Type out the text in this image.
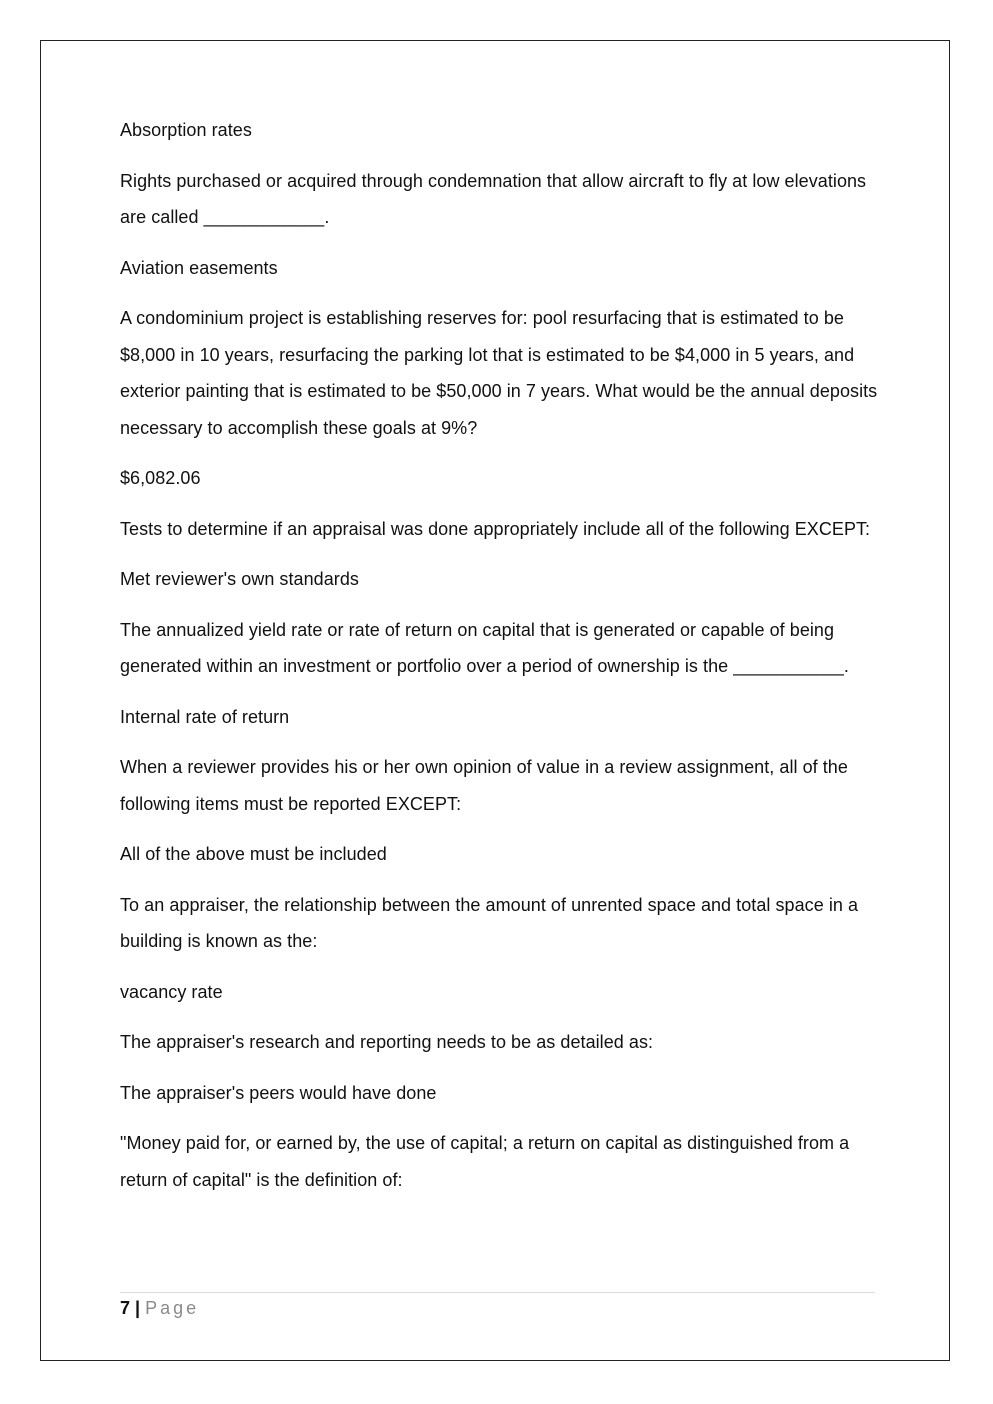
Absorption rates

Rights purchased or acquired through condemnation that allow aircraft to fly at low elevations are called ____________.

Aviation easements

A condominium project is establishing reserves for: pool resurfacing that is estimated to be $8,000 in 10 years, resurfacing the parking lot that is estimated to be $4,000 in 5 years, and exterior painting that is estimated to be $50,000 in 7 years. What would be the annual deposits necessary to accomplish these goals at 9%?

$6,082.06

Tests to determine if an appraisal was done appropriately include all of the following EXCEPT:

Met reviewer's own standards

The annualized yield rate or rate of return on capital that is generated or capable of being generated within an investment or portfolio over a period of ownership is the ___________.

Internal rate of return

When a reviewer provides his or her own opinion of value in a review assignment, all of the following items must be reported EXCEPT:

All of the above must be included

To an appraiser, the relationship between the amount of unrented space and total space in a building is known as the:

vacancy rate

The appraiser's research and reporting needs to be as detailed as:

The appraiser's peers would have done

"Money paid for, or earned by, the use of capital; a return on capital as distinguished from a return of capital" is the definition of:

7 | Page
